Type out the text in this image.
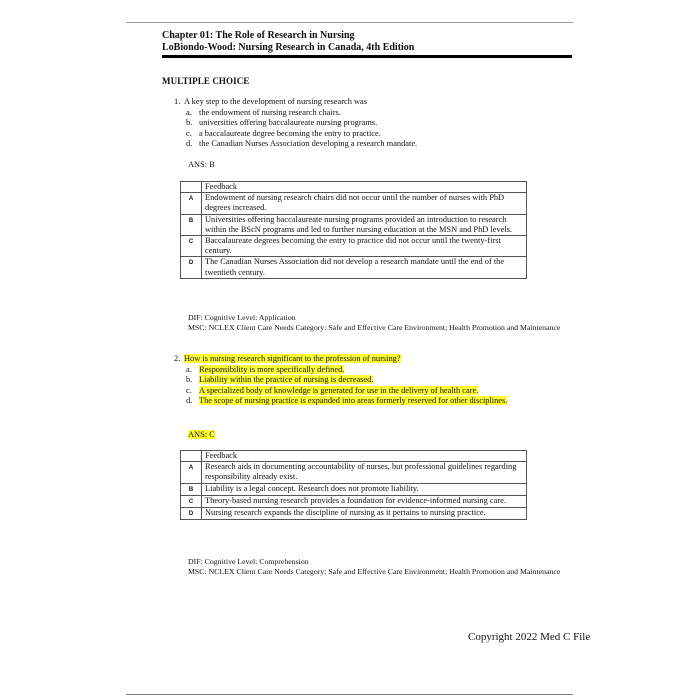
Chapter 01: The Role of Research in Nursing
LoBiondo-Wood: Nursing Research in Canada, 4th Edition
MULTIPLE CHOICE
1. A key step to the development of nursing research was
a. the endowment of nursing research chairs.
b. universities offering baccalaureate nursing programs.
c. a baccalaureate degree becoming the entry to practice.
d. the Canadian Nurses Association developing a research mandate.
ANS: B
	Feedback
A	Endowment of nursing research chairs did not occur until the number of nurses with PhD degrees increased.
B	Universities offering baccalaureate nursing programs provided an introduction to research within the BScN programs and led to further nursing education at the MSN and PhD levels.
C	Baccalaureate degrees becoming the entry to practice did not occur until the twenty-first century.
D	The Canadian Nurses Association did not develop a research mandate until the end of the twentieth century.
DIF: Cognitive Level: Application
MSC: NCLEX Client Care Needs Category: Safe and Effective Care Environment; Health Promotion and Maintenance
2. How is nursing research significant to the profession of nursing?
a. Responsibility is more specifically defined.
b. Liability within the practice of nursing is decreased.
c. A specialized body of knowledge is generated for use in the delivery of health care.
d. The scope of nursing practice is expanded into areas formerly reserved for other disciplines.
ANS: C
	Feedback
A	Research aids in documenting accountability of nurses, but professional guidelines regarding responsibility already exist.
B	Liability is a legal concept. Research does not promote liability.
C	Theory-based nursing research provides a foundation for evidence-informed nursing care.
D	Nursing research expands the discipline of nursing as it pertains to nursing practice.
DIF: Cognitive Level: Comprehension
MSC: NCLEX Client Care Needs Category: Safe and Effective Care Environment; Health Promotion and Maintenance
Copyright 2022 Med C File
